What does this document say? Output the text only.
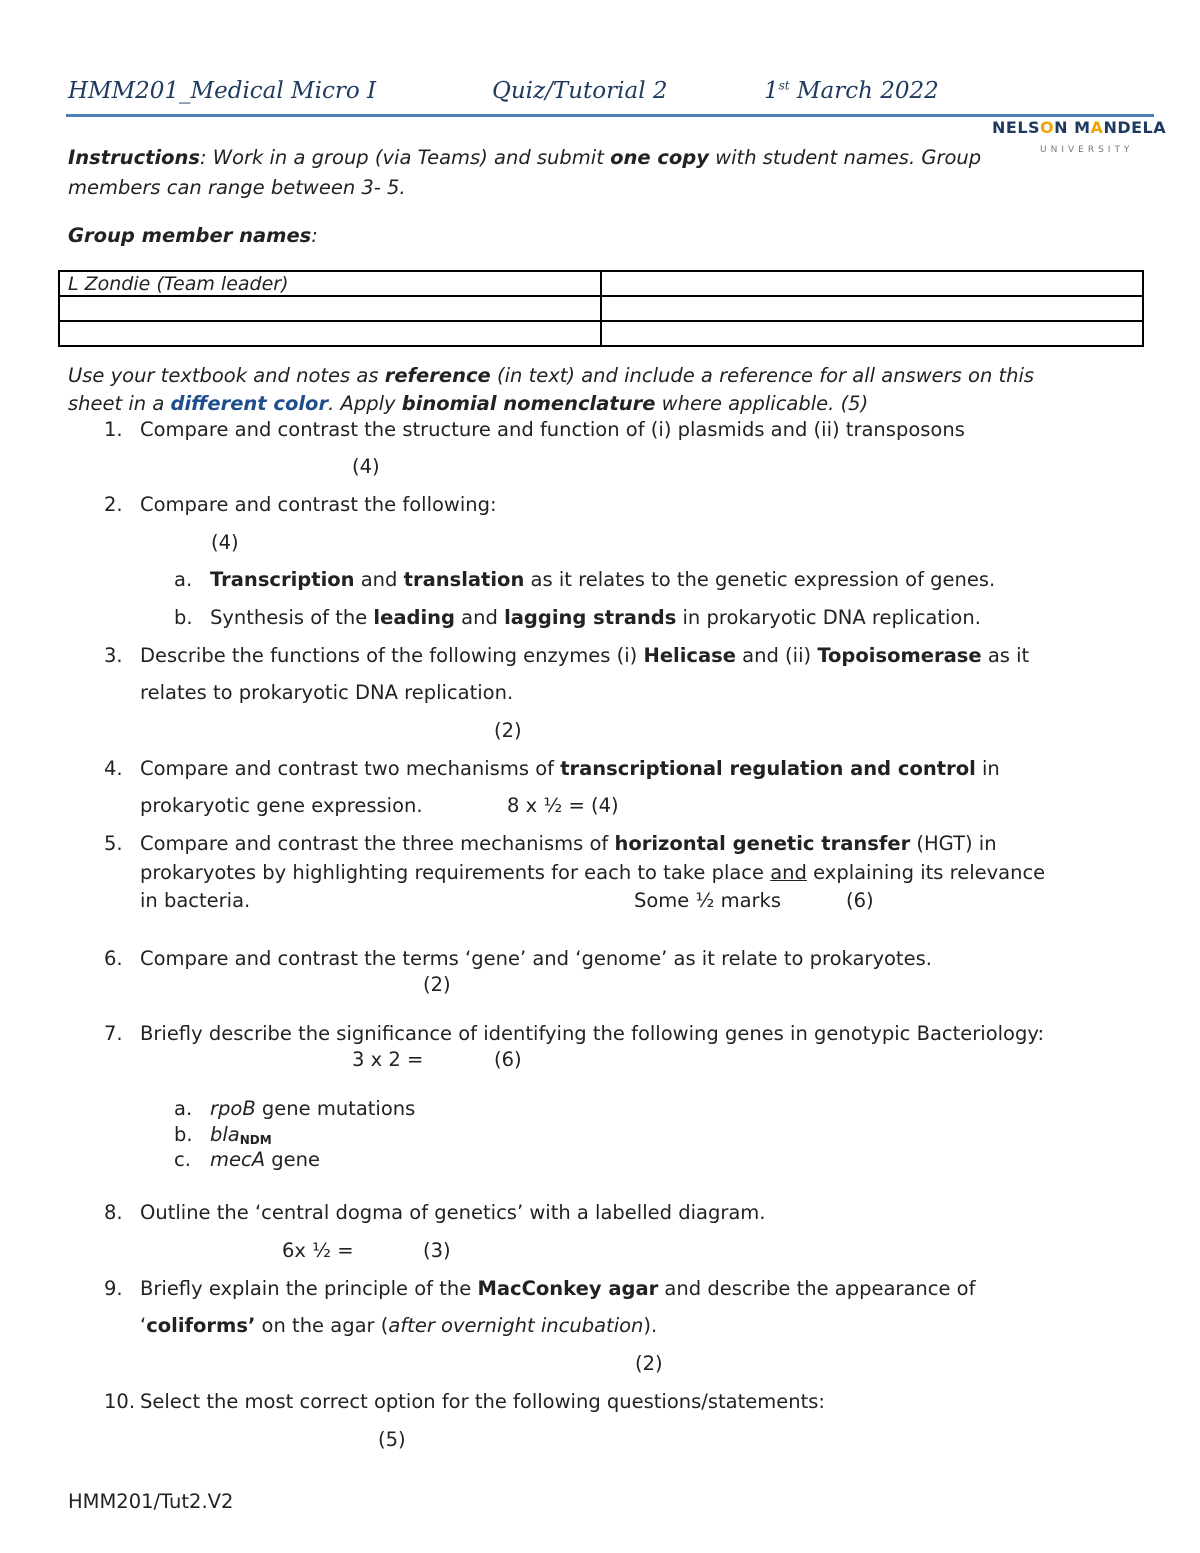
HMM201_Medical Micro I	Quiz/Tutorial 2	1st March 2022
NELSON MANDELA
UNIVERSITY
Instructions: Work in a group (via Teams) and submit one copy with student names. Group
members can range between 3- 5.
Group member names:
L Zondie (Team leader)	

Use your textbook and notes as reference (in text) and include a reference for all answers on this
sheet in a different color. Apply binomial nomenclature where applicable. (5)
1. Compare and contrast the structure and function of (i) plasmids and (ii) transposons
(4)
2. Compare and contrast the following:
(4)
a. Transcription and translation as it relates to the genetic expression of genes.
b. Synthesis of the leading and lagging strands in prokaryotic DNA replication.
3. Describe the functions of the following enzymes (i) Helicase and (ii) Topoisomerase as it
relates to prokaryotic DNA replication.
(2)
4. Compare and contrast two mechanisms of transcriptional regulation and control in
prokaryotic gene expression.	8 x ½ = (4)
5. Compare and contrast the three mechanisms of horizontal genetic transfer (HGT) in
prokaryotes by highlighting requirements for each to take place and explaining its relevance
in bacteria.	Some ½ marks	(6)
6. Compare and contrast the terms ‘gene’ and ‘genome’ as it relate to prokaryotes.
(2)
7. Briefly describe the significance of identifying the following genes in genotypic Bacteriology:
3 x 2 =	(6)
a. rpoB gene mutations
b. blaNDM
c. mecA gene
8. Outline the ‘central dogma of genetics’ with a labelled diagram.
6x ½ =	(3)
9. Briefly explain the principle of the MacConkey agar and describe the appearance of
‘coliforms’ on the agar (after overnight incubation).
(2)
10. Select the most correct option for the following questions/statements:
(5)
HMM201/Tut2.V2
